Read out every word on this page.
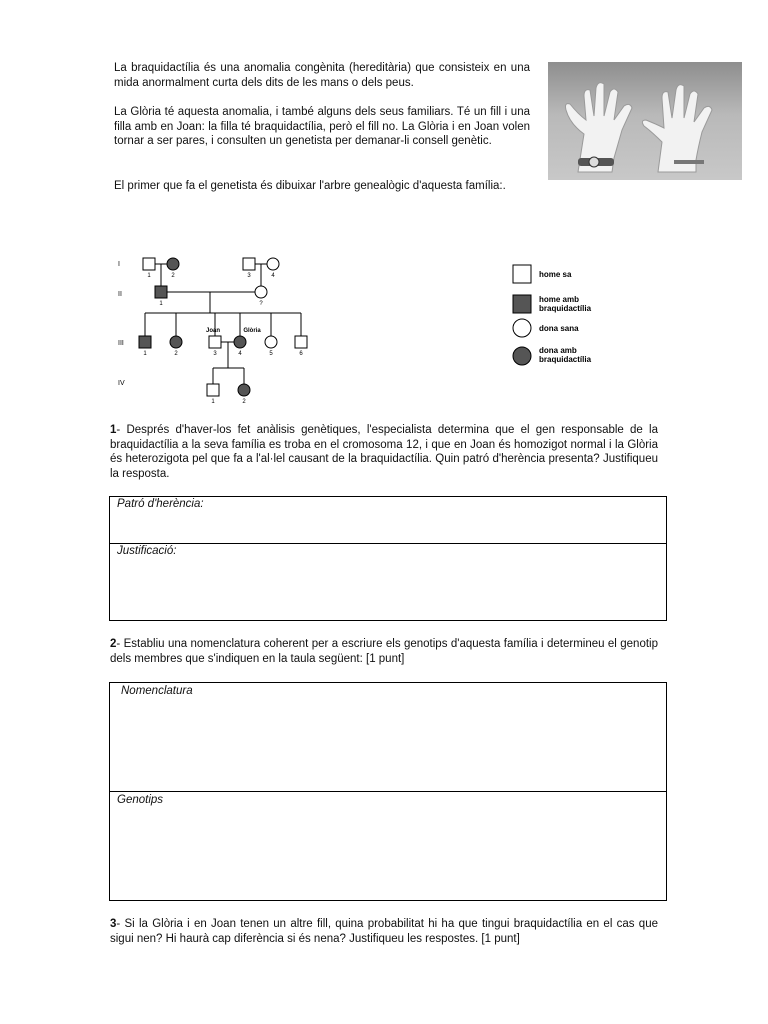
La braquidactília és una anomalia congènita (hereditària) que consisteix en una mida anormalment curta dels dits de les mans o dels peus.

La Glòria té aquesta anomalia, i també alguns dels seus familiars. Té un fill i una filla amb en Joan: la filla té braquidactília, però el fill no. La Glòria i en Joan volen tornar a ser pares, i consulten un genetista per demanar-li consell genètic.

El primer que fa el genetista és dibuixar l'arbre genealògic d'aquesta família:.

I
II
III
IV
1	2	3	4
1	?
1	2	3	4	5	6
1	2
Joan	Glòria
home sa
home amb braquidactília
dona sana
dona amb braquidactília

1- Després d'haver-los fet anàlisis genètiques, l'especialista determina que el gen responsable de la braquidactília a la seva família es troba en el cromosoma 12, i que en Joan és homozigot normal i la Glòria és heterozigota pel que fa a l'al·lel causant de la braquidactília. Quin patró d'herència presenta? Justifiqueu la resposta.

Patró d'herència:
Justificació:

2- Establiu una nomenclatura coherent per a escriure els genotips d'aquesta família i determineu el genotip dels membres que s'indiquen en la taula següent: [1 punt]

Nomenclatura
Genotips

3- Si la Glòria i en Joan tenen un altre fill, quina probabilitat hi ha que tingui braquidactília en el cas que sigui nen? Hi haurà cap diferència si és nena? Justifiqueu les respostes. [1 punt]
